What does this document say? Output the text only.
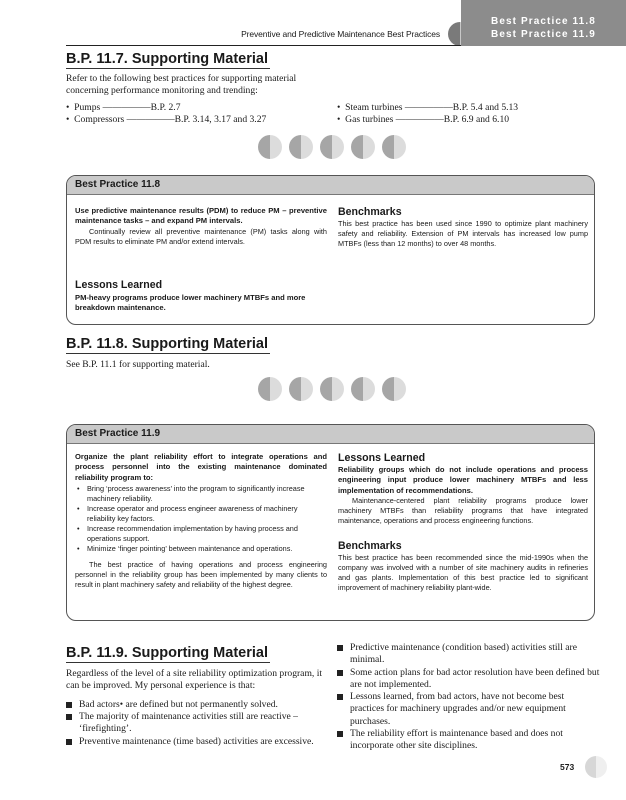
Preventive and Predictive Maintenance Best Practices
Best Practice 11.8
Best Practice 11.9
B.P. 11.7. Supporting Material
Refer to the following best practices for supporting material concerning performance monitoring and trending:
•  Pumps —————B.P. 2.7
•  Compressors —————B.P. 3.14, 3.17 and 3.27
•  Steam turbines —————B.P. 5.4 and 5.13
•  Gas turbines —————B.P. 6.9 and 6.10
Best Practice 11.8
Use predictive maintenance results (PDM) to reduce PM – preventive maintenance tasks – and expand PM intervals.
Continually review all preventive maintenance (PM) tasks along with PDM results to eliminate PM and/or extend intervals.
Lessons Learned
PM-heavy programs produce lower machinery MTBFs and more breakdown maintenance.
Benchmarks
This best practice has been used since 1990 to optimize plant machinery safety and reliability. Extension of PM intervals has increased low pump MTBFs (less than 12 months) to over 48 months.
B.P. 11.8. Supporting Material
See B.P. 11.1 for supporting material.
Best Practice 11.9
Organize the plant reliability effort to integrate operations and process personnel into the existing maintenance dominated reliability program to:
• Bring ‘process awareness’ into the program to significantly increase machinery reliability.
• Increase operator and process engineer awareness of machinery reliability key factors.
• Increase recommendation implementation by having process and operations support.
• Minimize ‘finger pointing’ between maintenance and operations.
The best practice of having operations and process engineering personnel in the reliability group has been implemented by many clients to result in plant machinery safety and reliability of the highest degree.
Lessons Learned
Reliability groups which do not include operations and process engineering input produce lower machinery MTBFs and less implementation of recommendations.
Maintenance-centered plant reliability programs produce lower machinery MTBFs than reliability programs that have integrated maintenance, operations and process engineering functions.
Benchmarks
This best practice has been recommended since the mid-1990s when the company was involved with a number of site machinery audits in refineries and gas plants. Implementation of this best practice led to significant improvement of machinery reliability plant-wide.
B.P. 11.9. Supporting Material
Regardless of the level of a site reliability optimization program, it can be improved. My personal experience is that:
Bad actors• are defined but not permanently solved.
The majority of maintenance activities still are reactive – ‘firefighting’.
Preventive maintenance (time based) activities are excessive.
Predictive maintenance (condition based) activities still are minimal.
Some action plans for bad actor resolution have been defined but are not implemented.
Lessons learned, from bad actors, have not become best practices for machinery upgrades and/or new equipment purchases.
The reliability effort is maintenance based and does not incorporate other site disciplines.
573
